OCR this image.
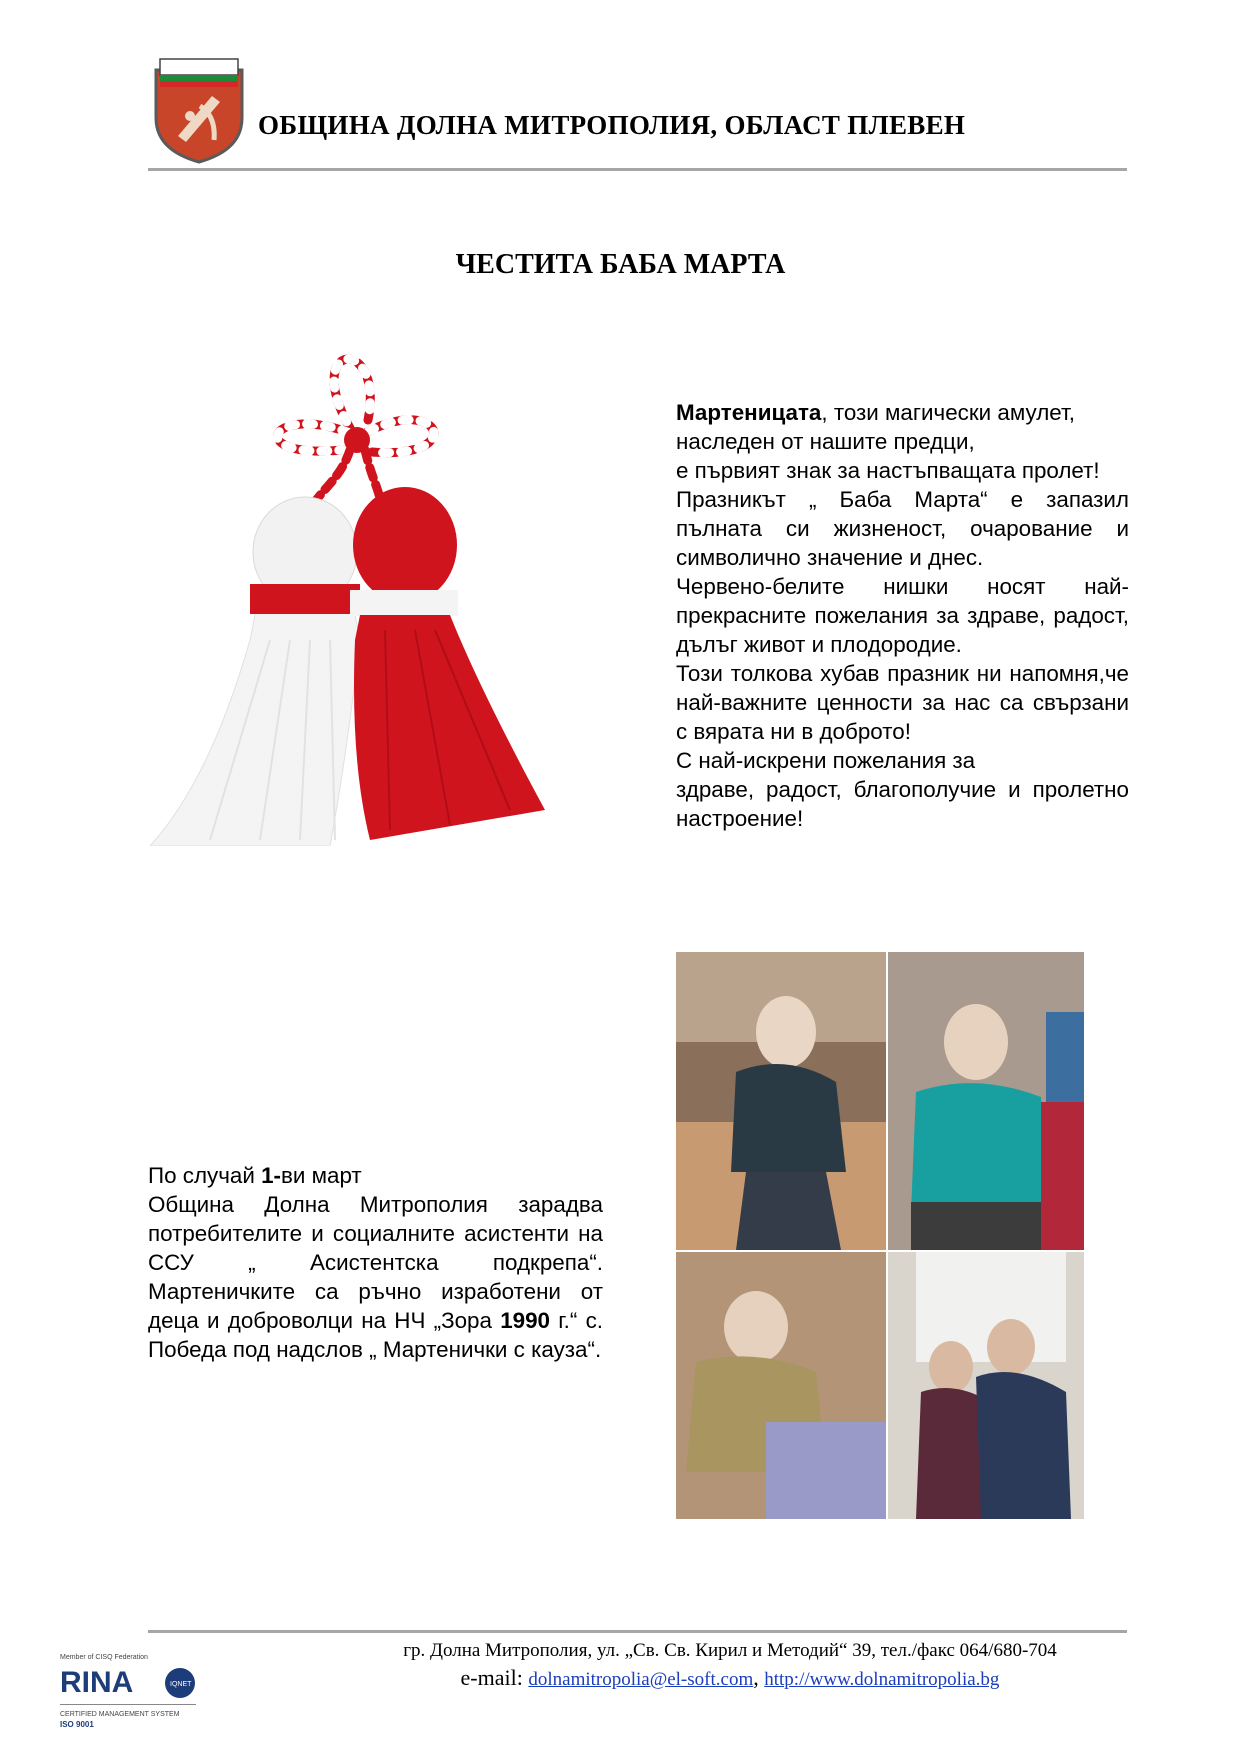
ОБЩИНА ДОЛНА МИТРОПОЛИЯ, ОБЛАСТ ПЛЕВЕН
ЧЕСТИТА БАБА МАРТА

Мартеницата, този магически амулет,
наследен от нашите предци,

е първият знак за настъпващата пролет!

Празникът „ Баба Марта“ е запазил пълната си жизненост, очарование и символично значение и днес.

Червено-белите нишки носят най-прекрасните пожелания за здраве, радост, дълъг живот и плодородие.

Този толкова хубав празник ни напомня,че най-важните ценности за нас са свързани с вярата ни в доброто!

С най-искрени пожелания за

здраве, радост, благополучие и пролетно настроение!

По случай 1-ви март

Община Долна Митрополия зарадва потребителите и социалните асистенти на ССУ „ Асистентска подкрепа“. Мартеничките са ръчно изработени от деца и доброволци на НЧ „Зора 1990 г.“ с. Победа под надслов „ Мартенички с кауза“.

гр. Долна Митрополия, ул. „Св. Св. Кирил и Методий“ 39, тел./факс 064/680-704
e-mail: dolnamitropolia@el-soft.com, http://www.dolnamitropolia.bg
Member of CISQ Federation
RINA	IQNET
CERTIFIED MANAGEMENT SYSTEM
ISO 9001
